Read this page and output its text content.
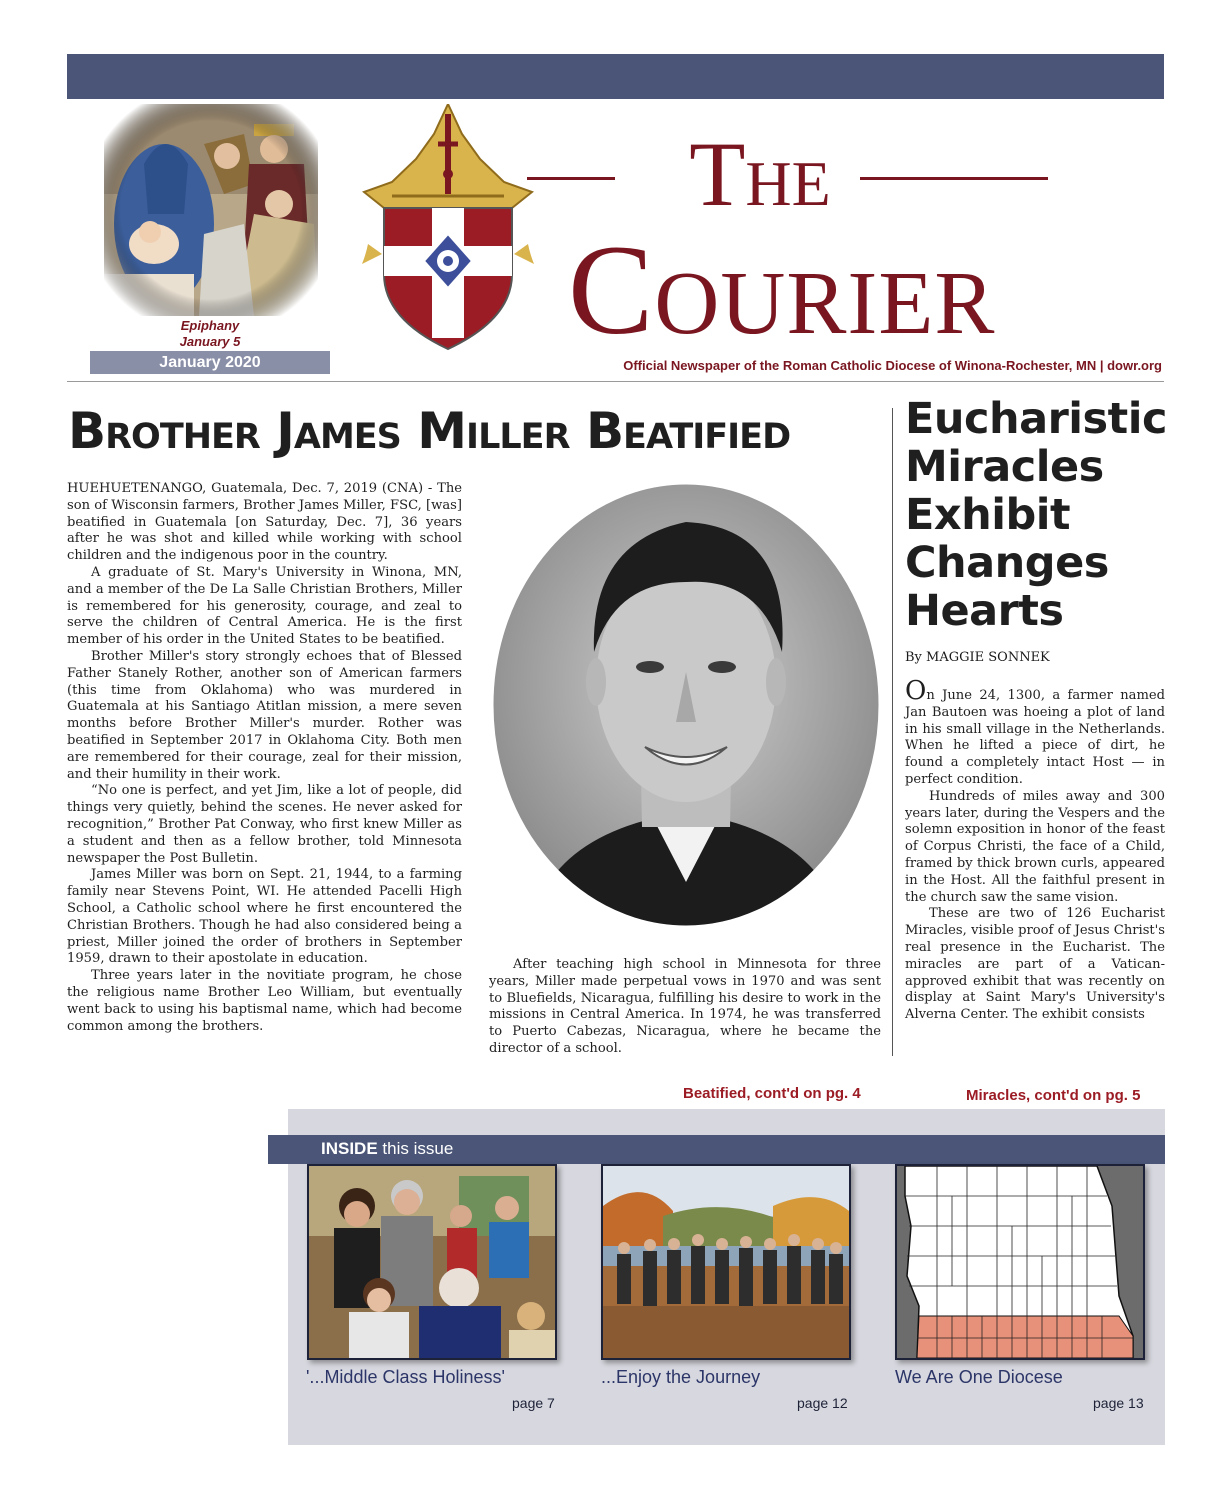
Epiphany
January 5
January 2020
The
Courier
Official Newspaper of the Roman Catholic Diocese of Winona-Rochester, MN | dowr.org
Brother James Miller Beatified

HUEHUETENANGO, Guatemala, Dec. 7, 2019 (CNA) - The son of Wisconsin farmers, Brother James Miller, FSC, [was] beatified in Guatemala [on Saturday, Dec. 7], 36 years after he was shot and killed while working with school children and the indigenous poor in the country.

A graduate of St. Mary's University in Winona, MN, and a member of the De La Salle Christian Brothers, Miller is remembered for his generosity, courage, and zeal to serve the children of Central America. He is the first member of his order in the United States to be beatified.

Brother Miller's story strongly echoes that of Blessed Father Stanely Rother, another son of American farmers (this time from Oklahoma) who was murdered in Guatemala at his Santiago Atitlan mission, a mere seven months before Brother Miller's murder. Rother was beatified in September 2017 in Oklahoma City. Both men are remembered for their courage, zeal for their mission, and their humility in their work.

“No one is perfect, and yet Jim, like a lot of people, did things very quietly, behind the scenes. He never asked for recognition,” Brother Pat Conway, who first knew Miller as a student and then as a fellow brother, told Minnesota newspaper the Post Bulletin.

James Miller was born on Sept. 21, 1944, to a farming family near Stevens Point, WI. He attended Pacelli High School, a Catholic school where he first encountered the Christian Brothers. Though he had also considered being a priest, Miller joined the order of brothers in September 1959, drawn to their apostolate in education.

Three years later in the novitiate program, he chose the religious name Brother Leo William, but eventually went back to using his baptismal name, which had become common among the brothers.

After teaching high school in Minnesota for three years, Miller made perpetual vows in 1970 and was sent to Bluefields, Nicaragua, fulfilling his desire to work in the missions in Central America. In 1974, he was transferred to Puerto Cabezas, Nicaragua, where he became the director of a school.

Eucharistic Miracles Exhibit Changes Hearts
By MAGGIE SONNEK

On June 24, 1300, a farmer named Jan Bautoen was hoeing a plot of land in his small village in the Netherlands. When he lifted a piece of dirt, he found a completely intact Host — in perfect condition.

Hundreds of miles away and 300 years later, during the Vespers and the solemn exposition in honor of the feast of Corpus Christi, the face of a Child, framed by thick brown curls, appeared in the Host. All the faithful present in the church saw the same vision.

These are two of 126 Eucharist Miracles, visible proof of Jesus Christ's real presence in the Eucharist. The miracles are part of a Vatican-approved exhibit that was recently on display at Saint Mary's University's Alverna Center. The exhibit consists

Beatified, cont'd on pg. 4	Miracles, cont'd on pg. 5
INSIDE this issue
'...Middle Class Holiness'	...Enjoy the Journey	We Are One Diocese
page 7	page 12	page 13
